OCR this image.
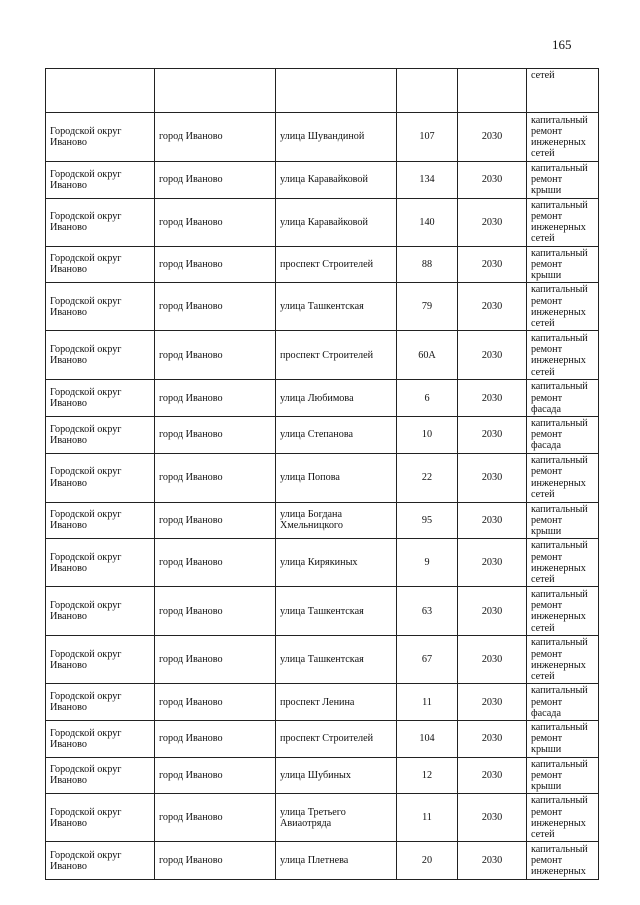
165
					сетей
Городской округ Иваново	город Иваново	улица Шувандиной	107	2030	капитальный ремонт инженерных сетей
Городской округ Иваново	город Иваново	улица Каравайковой	134	2030	капитальный ремонт крыши
Городской округ Иваново	город Иваново	улица Каравайковой	140	2030	капитальный ремонт инженерных сетей
Городской округ Иваново	город Иваново	проспект Строителей	88	2030	капитальный ремонт крыши
Городской округ Иваново	город Иваново	улица Ташкентская	79	2030	капитальный ремонт инженерных сетей
Городской округ Иваново	город Иваново	проспект Строителей	60А	2030	капитальный ремонт инженерных сетей
Городской округ Иваново	город Иваново	улица Любимова	6	2030	капитальный ремонт фасада
Городской округ Иваново	город Иваново	улица Степанова	10	2030	капитальный ремонт фасада
Городской округ Иваново	город Иваново	улица Попова	22	2030	капитальный ремонт инженерных сетей
Городской округ Иваново	город Иваново	улица Богдана Хмельницкого	95	2030	капитальный ремонт крыши
Городской округ Иваново	город Иваново	улица Кирякиных	9	2030	капитальный ремонт инженерных сетей
Городской округ Иваново	город Иваново	улица Ташкентская	63	2030	капитальный ремонт инженерных сетей
Городской округ Иваново	город Иваново	улица Ташкентская	67	2030	капитальный ремонт инженерных сетей
Городской округ Иваново	город Иваново	проспект Ленина	11	2030	капитальный ремонт фасада
Городской округ Иваново	город Иваново	проспект Строителей	104	2030	капитальный ремонт крыши
Городской округ Иваново	город Иваново	улица Шубиных	12	2030	капитальный ремонт крыши
Городской округ Иваново	город Иваново	улица Третьего Авиаотряда	11	2030	капитальный ремонт инженерных сетей
Городской округ Иваново	город Иваново	улица Плетнева	20	2030	капитальный ремонт инженерных
